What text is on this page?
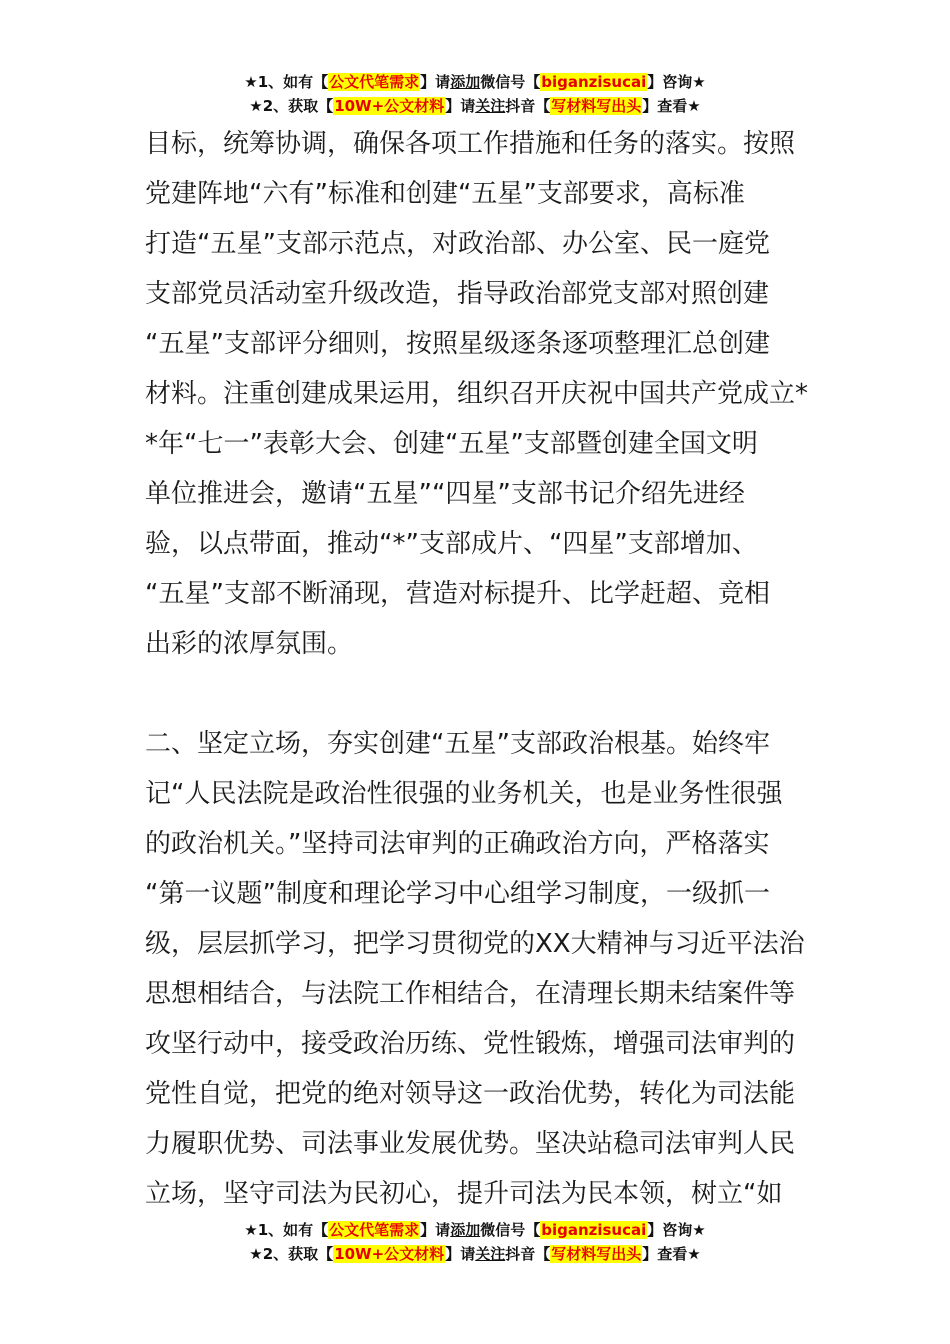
★1、如有【公文代笔需求】请添加微信号【biganzisucai】咨询★
★2、获取【10W+公文材料】请关注抖音【写材料写出头】查看★
目标，统筹协调，确保各项工作措施和任务的落实。按照
党建阵地“六有”标准和创建“五星”支部要求，高标准
打造“五星”支部示范点，对政治部、办公室、民一庭党
支部党员活动室升级改造，指导政治部党支部对照创建
“五星”支部评分细则，按照星级逐条逐项整理汇总创建
材料。注重创建成果运用，组织召开庆祝中国共产党成立*
*年“七一”表彰大会、创建“五星”支部暨创建全国文明
单位推进会，邀请“五星”“四星”支部书记介绍先进经
验，以点带面，推动“*”支部成片、“四星”支部增加、
“五星”支部不断涌现，营造对标提升、比学赶超、竞相
出彩的浓厚氛围。
二、坚定立场，夯实创建“五星”支部政治根基。始终牢
记“人民法院是政治性很强的业务机关，也是业务性很强
的政治机关。”坚持司法审判的正确政治方向，严格落实
“第一议题”制度和理论学习中心组学习制度，一级抓一
级，层层抓学习，把学习贯彻党的XX大精神与习近平法治
思想相结合，与法院工作相结合，在清理长期未结案件等
攻坚行动中，接受政治历练、党性锻炼，增强司法审判的
党性自觉，把党的绝对领导这一政治优势，转化为司法能
力履职优势、司法事业发展优势。坚决站稳司法审判人民
立场，坚守司法为民初心，提升司法为民本领，树立“如
★1、如有【公文代笔需求】请添加微信号【biganzisucai】咨询★
★2、获取【10W+公文材料】请关注抖音【写材料写出头】查看★
